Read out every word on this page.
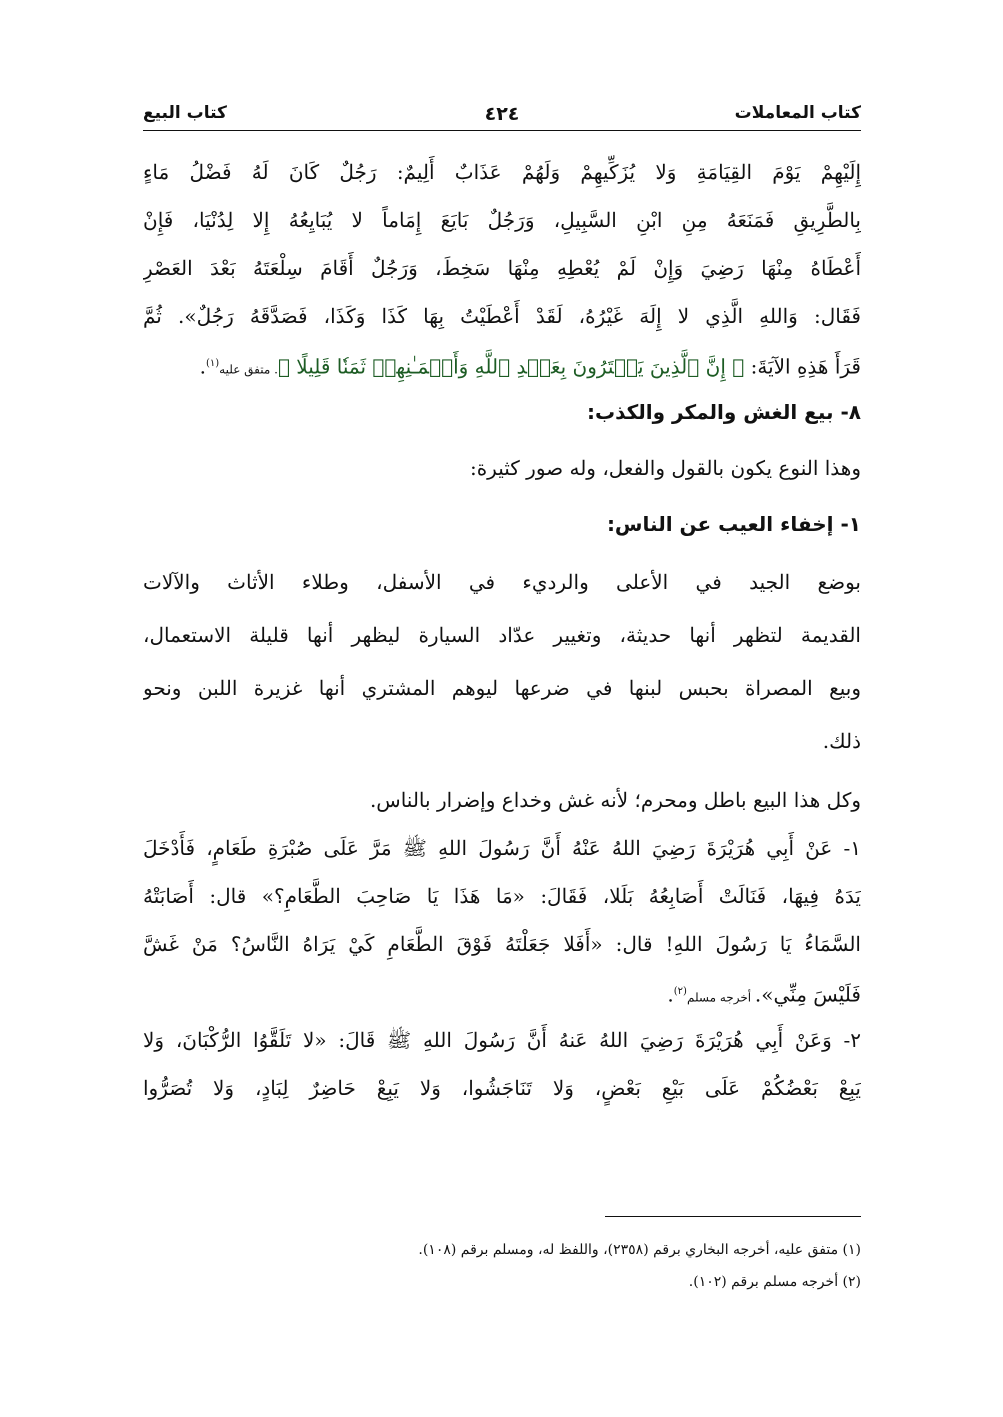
كتاب المعاملات
٤٢٤
كتاب البيع
إِلَيْهِمْ يَوْمَ القِيَامَةِ وَلا يُزَكِّيهِمْ وَلَهُمْ عَذَابٌ أَلِيمٌ: رَجُلٌ كَانَ لَهُ فَضْلُ مَاءٍ
بِالطَّرِيقِ فَمَنَعَهُ مِنِ ابْنِ السَّبِيلِ، وَرَجُلٌ بَايَعَ إِمَاماً لا يُبَايِعُهُ إِلا لِدُنْيَا، فَإِنْ
أَعْطَاهُ مِنْهَا رَضِيَ وَإِنْ لَمْ يُعْطِهِ مِنْهَا سَخِطَ، وَرَجُلٌ أَقَامَ سِلْعَتَهُ بَعْدَ العَصْرِ
فَقَال: وَاللهِ الَّذِي لا إِلَهَ غَيْرُهُ، لَقَدْ أَعْطَيْتُ بِهَا كَذَا وَكَذَا، فَصَدَّقَهُ رَجُلٌ». ثُمَّ
قَرَأَ هَذِهِ الآيَةَ: ﴿ إِنَّ ٱلَّذِينَ يَشۡتَرُونَ بِعَهۡدِ ٱللَّهِ وَأَيۡمَـٰنِهِمۡ ثَمَنٗا قَلِيلًا ﴾. متفق عليه$^{(١)}$.
٨- بيع الغش والمكر والكذب:
وهذا النوع يكون بالقول والفعل، وله صور كثيرة:
١- إخفاء العيب عن الناس:
بوضع الجيد في الأعلى والرديء في الأسفل، وطلاء الأثاث والآلات
القديمة لتظهر أنها حديثة، وتغيير عدّاد السيارة ليظهر أنها قليلة الاستعمال،
وبيع المصراة بحبس لبنها في ضرعها ليوهم المشتري أنها غزيرة اللبن ونحو
ذلك.
وكل هذا البيع باطل ومحرم؛ لأنه غش وخداع وإضرار بالناس.
١- عَنْ أَبِي هُرَيْرَةَ رَضِيَ اللهُ عَنْهُ أَنَّ رَسُولَ اللهِ ﷺ مَرَّ عَلَى صُبْرَةِ طَعَامٍ، فَأَدْخَلَ
يَدَهُ فِيهَا، فَنَالَتْ أَصَابِعُهُ بَلَلا، فَقَالَ: «مَا هَذَا يَا صَاحِبَ الطَّعَامِ؟» قال: أَصَابَتْهُ
السَّمَاءُ يَا رَسُولَ اللهِ! قال: «أَفَلا جَعَلْتَهُ فَوْقَ الطَّعَامِ كَيْ يَرَاهُ النَّاسُ؟ مَنْ غَشَّ
فَلَيْسَ مِنِّي». أخرجه مسلم$^{(٢)}$.
٢- وَعَنْ أَبِي هُرَيْرَةَ رَضِيَ اللهُ عَنهُ أَنَّ رَسُولَ اللهِ ﷺ قَالَ: «لا تَلَقَّوُا الرُّكْبَانَ، وَلا
يَبِعْ بَعْضُكُمْ عَلَى بَيْعِ بَعْضٍ، وَلا تَنَاجَشُوا، وَلا يَبِعْ حَاضِرٌ لِبَادٍ، وَلا تُصَرُّوا
(١) متفق عليه، أخرجه البخاري برقم (٢٣٥٨)، واللفظ له، ومسلم برقم (١٠٨).
(٢) أخرجه مسلم برقم (١٠٢).
